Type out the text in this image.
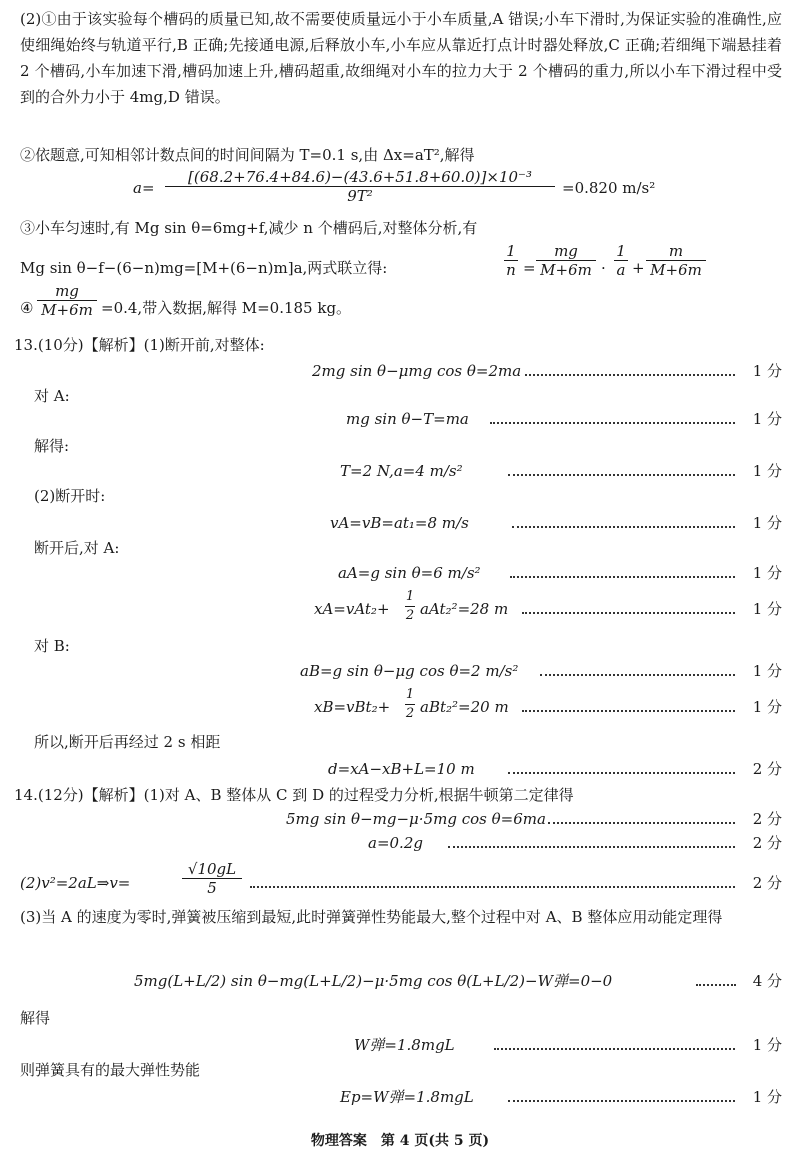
(2)①由于该实验每个槽码的质量已知,故不需要使质量远小于小车质量,A 错误;小车下滑时,为保证实验的准确性,应使细绳始终与轨道平行,B 正确;先接通电源,后释放小车,小车应从靠近打点计时器处释放,C 正确;若细绳下端悬挂着 2 个槽码,小车加速下滑,槽码加速上升,槽码超重,故细绳对小车的拉力大于 2 个槽码的重力,所以小车下滑过程中受到的合外力小于 4mg,D 错误。
②依题意,可知相邻计数点间的时间间隔为 T=0.1 s,由 Δx=aT²,解得
a=
[(68.2+76.4+84.6)−(43.6+51.8+60.0)]×10⁻³
9T²	=0.820 m/s²
③小车匀速时,有 Mg sin θ=6mg+f,减少 n 个槽码后,对整体分析,有
Mg sin θ−f−(6−n)mg=[M+(6−n)m]a,两式联立得:
1
n =
mg
M+6m ·
1
a +
m
M+6m
④
mg
M+6m =0.4,带入数据,解得 M=0.185 kg。
13.(10分)【解析】(1)断开前,对整体:
2mg sin θ−μmg cos θ=2ma	1 分
对 A:
mg sin θ−T=ma	1 分
解得:
T=2 N,a=4 m/s²	1 分
(2)断开时:
vA=vB=at₁=8 m/s	1 分
断开后,对 A:
aA=g sin θ=6 m/s²	1 分
xA=vAt₂+
1
2 aAt₂²=28 m	1 分
对 B:
aB=g sin θ−μg cos θ=2 m/s²	1 分
xB=vBt₂+
1
2 aBt₂²=20 m	1 分
所以,断开后再经过 2 s 相距
d=xA−xB+L=10 m	2 分
14.(12分)【解析】(1)对 A、B 整体从 C 到 D 的过程受力分析,根据牛顿第二定律得
5mg sin θ−mg−μ·5mg cos θ=6ma	2 分
a=0.2g	2 分
(2)v²=2aL⇒v=
√10gL
5	2 分
(3)当 A 的速度为零时,弹簧被压缩到最短,此时弹簧弹性势能最大,整个过程中对 A、B 整体应用动能定理得
5mg(L+L/2) sin θ−mg(L+L/2)−μ·5mg cos θ(L+L/2)−W弹=0−0	4 分
解得
W弹=1.8mgL	1 分
则弹簧具有的最大弹性势能
Ep=W弹=1.8mgL	1 分
物理答案　第 4 页(共 5 页)
